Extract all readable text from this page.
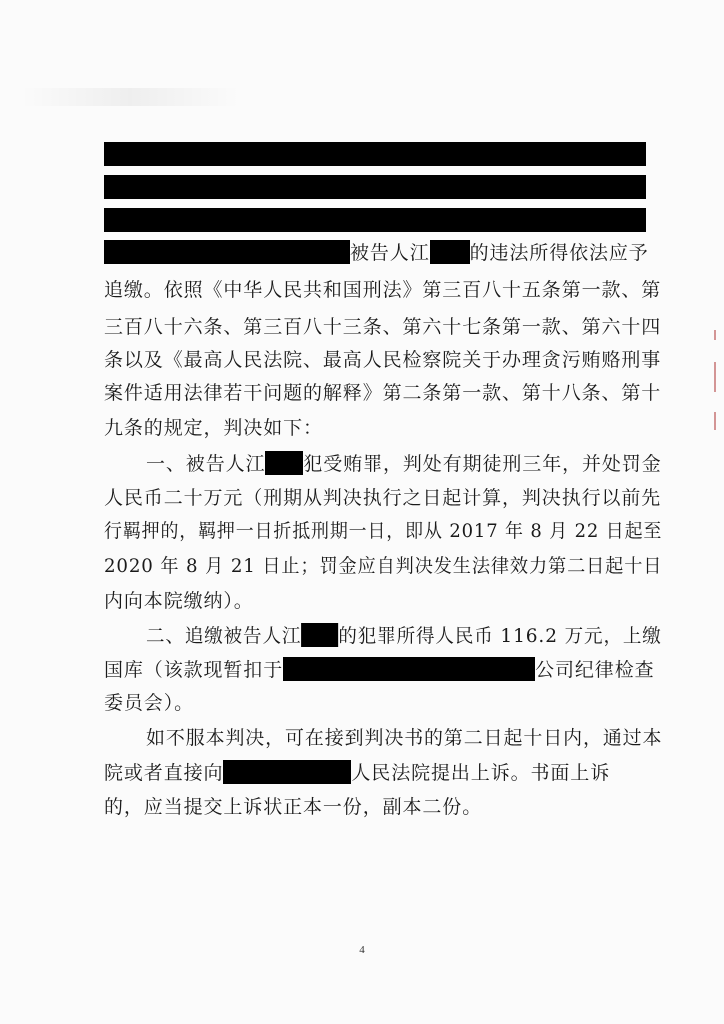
被告人江 的违法所得依法应予
追缴。依照《中华人民共和国刑法》第三百八十五条第一款、第
三百八十六条、第三百八十三条、第六十七条第一款、第六十四
条以及《最高人民法院、最高人民检察院关于办理贪污贿赂刑事
案件适用法律若干问题的解释》第二条第一款、第十八条、第十
九条的规定，判决如下：
一、被告人江 犯受贿罪，判处有期徒刑三年，并处罚金
人民币二十万元（刑期从判决执行之日起计算，判决执行以前先
行羁押的，羁押一日折抵刑期一日，即从 2017 年 8 月 22 日起至
2020 年 8 月 21 日止；罚金应自判决发生法律效力第二日起十日
内向本院缴纳）。
二、追缴被告人江 的犯罪所得人民币 116.2 万元，上缴
国库（该款现暂扣于	公司纪律检查
委员会）。
如不服本判决，可在接到判决书的第二日起十日内，通过本
院或者直接向	人民法院提出上诉。书面上诉
的，应当提交上诉状正本一份，副本二份。
4
